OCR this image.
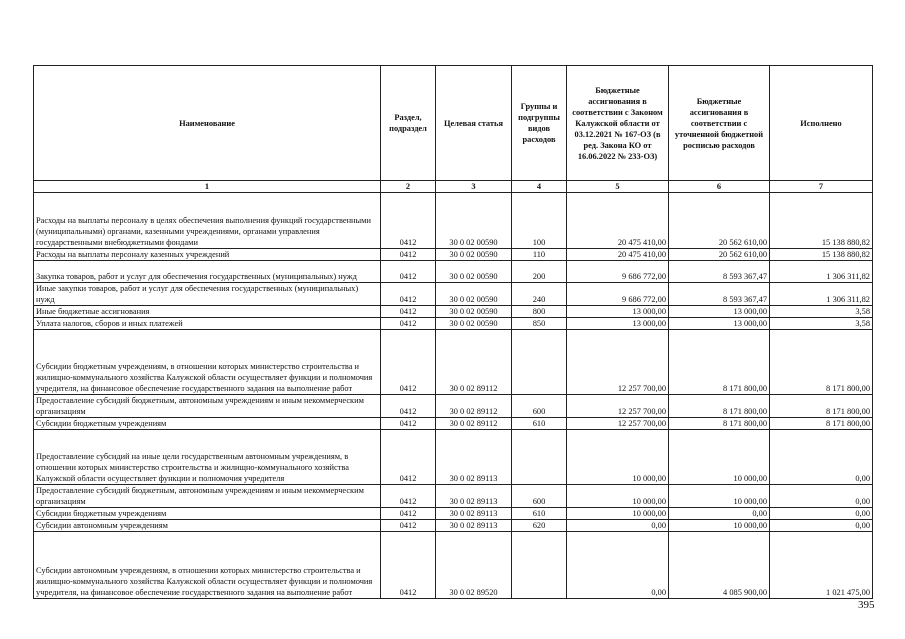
Наименование	Раздел, подраздел	Целевая статья	Группы и подгруппы видов расходов	Бюджетные ассигнования в соответствии с Законом Калужской области от 03.12.2021 № 167-ОЗ (в ред. Закона КО от 16.06.2022 № 233-ОЗ)	Бюджетные ассигнования в соответствии с уточненной бюджетной росписью расходов	Исполнено
1	2	3	4	5	6	7
Расходы на выплаты персоналу в целях обеспечения выполнения функций государственными (муниципальными) органами, казенными учреждениями, органами управления государственными внебюджетными фондами	0412	30 0 02 00590	100	20 475 410,00	20 562 610,00	15 138 880,82
Расходы на выплаты персоналу казенных учреждений	0412	30 0 02 00590	110	20 475 410,00	20 562 610,00	15 138 880,82
Закупка товаров, работ и услуг для обеспечения государственных (муниципальных) нужд	0412	30 0 02 00590	200	9 686 772,00	8 593 367,47	1 306 311,82
Иные закупки товаров, работ и услуг для обеспечения государственных (муниципальных) нужд	0412	30 0 02 00590	240	9 686 772,00	8 593 367,47	1 306 311,82
Иные бюджетные ассигнования	0412	30 0 02 00590	800	13 000,00	13 000,00	3,58
Уплата налогов, сборов и иных платежей	0412	30 0 02 00590	850	13 000,00	13 000,00	3,58
Субсидии бюджетным учреждениям, в отношении которых министерство строительства и жилищно-коммунального хозяйства Калужской области осуществляет функции и полномочия учредителя, на финансовое обеспечение государственного задания на выполнение работ	0412	30 0 02 89112		12 257 700,00	8 171 800,00	8 171 800,00
Предоставление субсидий бюджетным, автономным учреждениям и иным некоммерческим организациям	0412	30 0 02 89112	600	12 257 700,00	8 171 800,00	8 171 800,00
Субсидии бюджетным учреждениям	0412	30 0 02 89112	610	12 257 700,00	8 171 800,00	8 171 800,00
Предоставление субсидий на иные цели государственным автономным учреждениям, в отношении которых министерство строительства и жилищно-коммунального хозяйства Калужской области осуществляет функции и полномочия учредителя	0412	30 0 02 89113		10 000,00	10 000,00	0,00
Предоставление субсидий бюджетным, автономным учреждениям и иным некоммерческим организациям	0412	30 0 02 89113	600	10 000,00	10 000,00	0,00
Субсидии бюджетным учреждениям	0412	30 0 02 89113	610	10 000,00	0,00	0,00
Субсидии автономным учреждениям	0412	30 0 02 89113	620	0,00	10 000,00	0,00
Субсидии автономным учреждениям, в отношении которых министерство строительства и жилищно-коммунального хозяйства Калужской области осуществляет функции и полномочия учредителя, на финансовое обеспечение государственного задания на выполнение работ	0412	30 0 02 89520		0,00	4 085 900,00	1 021 475,00
395
